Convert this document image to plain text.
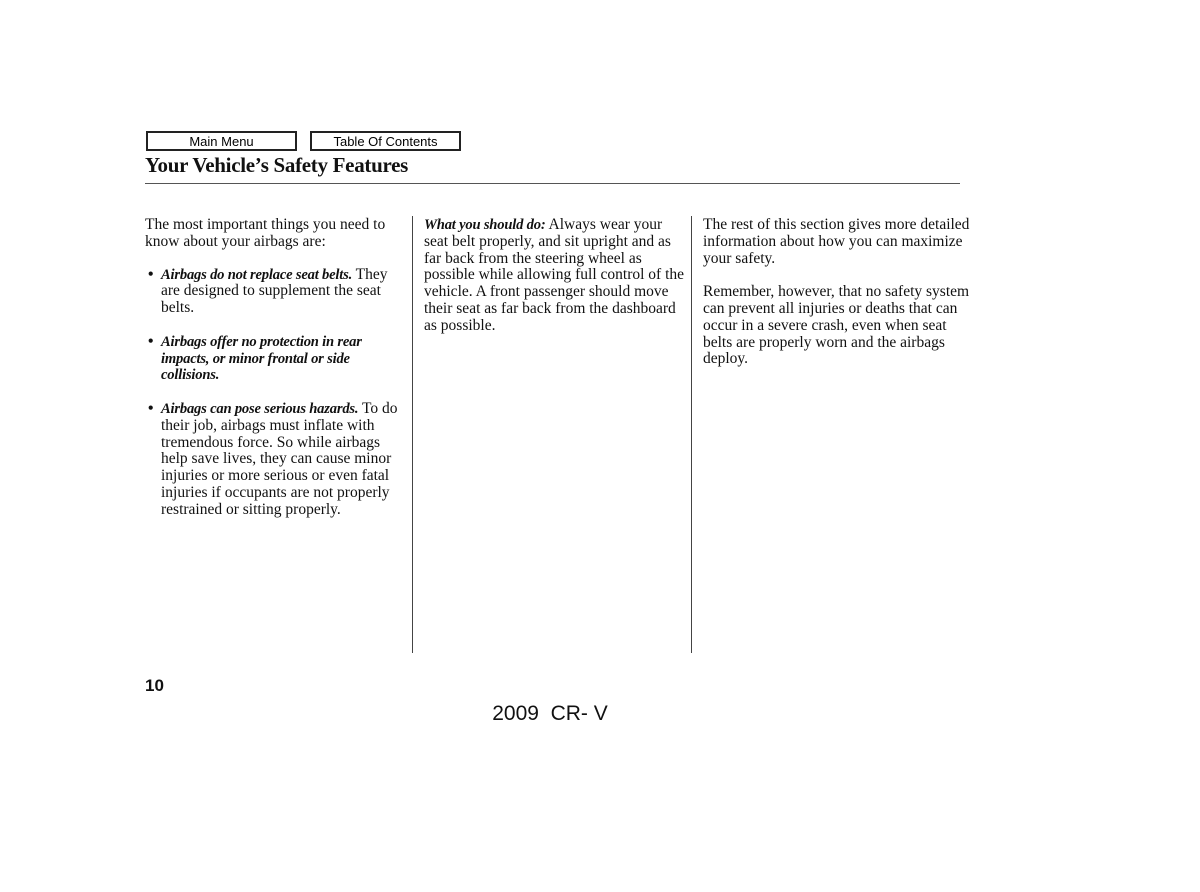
Main Menu	Table Of Contents
Your Vehicle’s Safety Features

The most important things you need to know about your airbags are:

• Airbags do not replace seat belts. They are designed to supplement the seat belts.
• Airbags offer no protection in rear impacts, or minor frontal or side collisions.
• Airbags can pose serious hazards. To do their job, airbags must inflate with tremendous force. So while airbags help save lives, they can cause minor injuries or more serious or even fatal injuries if occupants are not properly restrained or sitting properly.

What you should do: Always wear your seat belt properly, and sit upright and as far back from the steering wheel as possible while allowing full control of the vehicle. A front passenger should move their seat as far back from the dashboard as possible.

The rest of this section gives more detailed information about how you can maximize your safety.

Remember, however, that no safety system can prevent all injuries or deaths that can occur in a severe crash, even when seat belts are properly worn and the airbags deploy.

10
2009  CR- V
